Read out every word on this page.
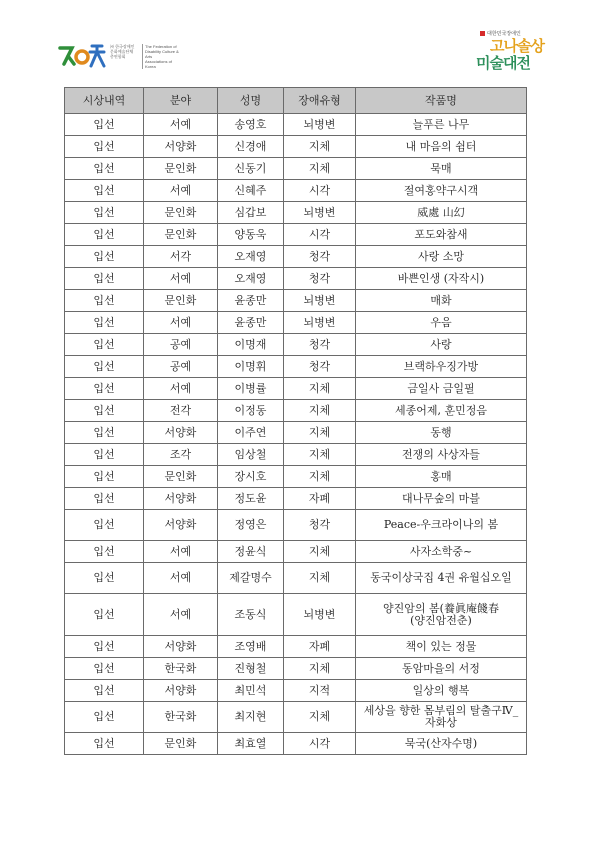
㈔ 한국장애인
문화예술단체
총연합회
The Federation of
Disability Culture & Arts
Associations of
Korea
대한민국장애인
고나솔상
미술대전
시상내역	분야	성명	장애유형	작품명
입선	서예	송영호	뇌병변	늘푸른 나무
입선	서양화	신경애	지체	내 마음의 쉼터
입선	문인화	신동기	지체	묵매
입선	서예	신혜주	시각	절여홍약구시객
입선	문인화	심갑보	뇌병변	威處 山幻
입선	문인화	양동욱	시각	포도와참새
입선	서각	오재영	청각	사랑 소망
입선	서예	오재영	청각	바쁜인생 (자작시)
입선	문인화	윤종만	뇌병변	매화
입선	서예	윤종만	뇌병변	우음
입선	공예	이명재	청각	사랑
입선	공예	이명휘	청각	브랙하우징가방
입선	서예	이병률	지체	금일사 금일필
입선	전각	이정동	지체	세종어제, 훈민정음
입선	서양화	이주연	지체	동행
입선	조각	임상철	지체	전쟁의 사상자들
입선	문인화	장시호	지체	홍매
입선	서양화	정도윤	자폐	대나무숲의 마블
입선	서양화	정영은	청각	Peace-우크라이나의 봄
입선	서예	정윤식	지체	사자소학중~
입선	서예	제갈명수	지체	동국이상국집 4권 유월십오일
입선	서예	조동식	뇌병변	양진암의 봄(養眞庵餞春(양진암전춘)
입선	서양화	조영배	자폐	책이 있는 정물
입선	한국화	진형철	지체	동암마을의 서정
입선	서양화	최민석	지적	일상의 행복
입선	한국화	최지현	지체	세상을 향한 몸부림의 탈출구Ⅳ_자화상
입선	문인화	최효열	시각	묵국(산자수명)
